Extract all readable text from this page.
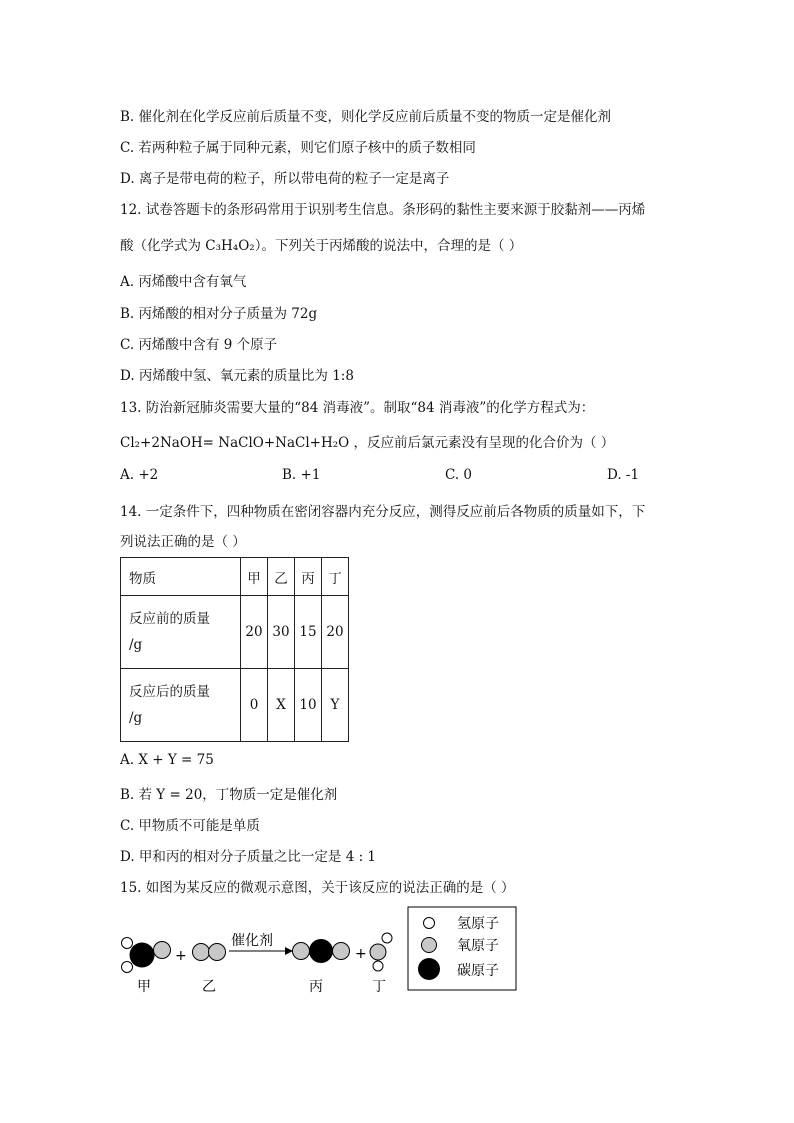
B. 催化剂在化学反应前后质量不变，则化学反应前后质量不变的物质一定是催化剂
C. 若两种粒子属于同种元素，则它们原子核中的质子数相同
D. 离子是带电荷的粒子，所以带电荷的粒子一定是离子
12. 试卷答题卡的条形码常用于识别考生信息。条形码的黏性主要来源于胶黏剂——丙烯
酸（化学式为 C₃H₄O₂）。下列关于丙烯酸的说法中，合理的是（ ）
A. 丙烯酸中含有氧气
B. 丙烯酸的相对分子质量为 72g
C. 丙烯酸中含有 9 个原子
D. 丙烯酸中氢、氧元素的质量比为 1:8
13. 防治新冠肺炎需要大量的“84 消毒液”。制取“84 消毒液”的化学方程式为：
Cl₂+2NaOH= NaClO+NaCl+H₂O ，反应前后氯元素没有呈现的化合价为（ ）
A. +2	B. +1	C. 0	D. -1
14. 一定条件下，四种物质在密闭容器内充分反应，测得反应前后各物质的质量如下，下
列说法正确的是（ ）
物质	甲	乙	丙	丁
反应前的质量
/g	20	30	15	20
反应后的质量
/g	0	X	10	Y
A. X + Y = 75
B. 若 Y = 20，丁物质一定是催化剂
C. 甲物质不可能是单质
D. 甲和丙的相对分子质量之比一定是 4 : 1
15. 如图为某反应的微观示意图，关于该反应的说法正确的是（ ）
+
催化剂
+
甲	乙	丙	丁
氢原子
氧原子
碳原子
